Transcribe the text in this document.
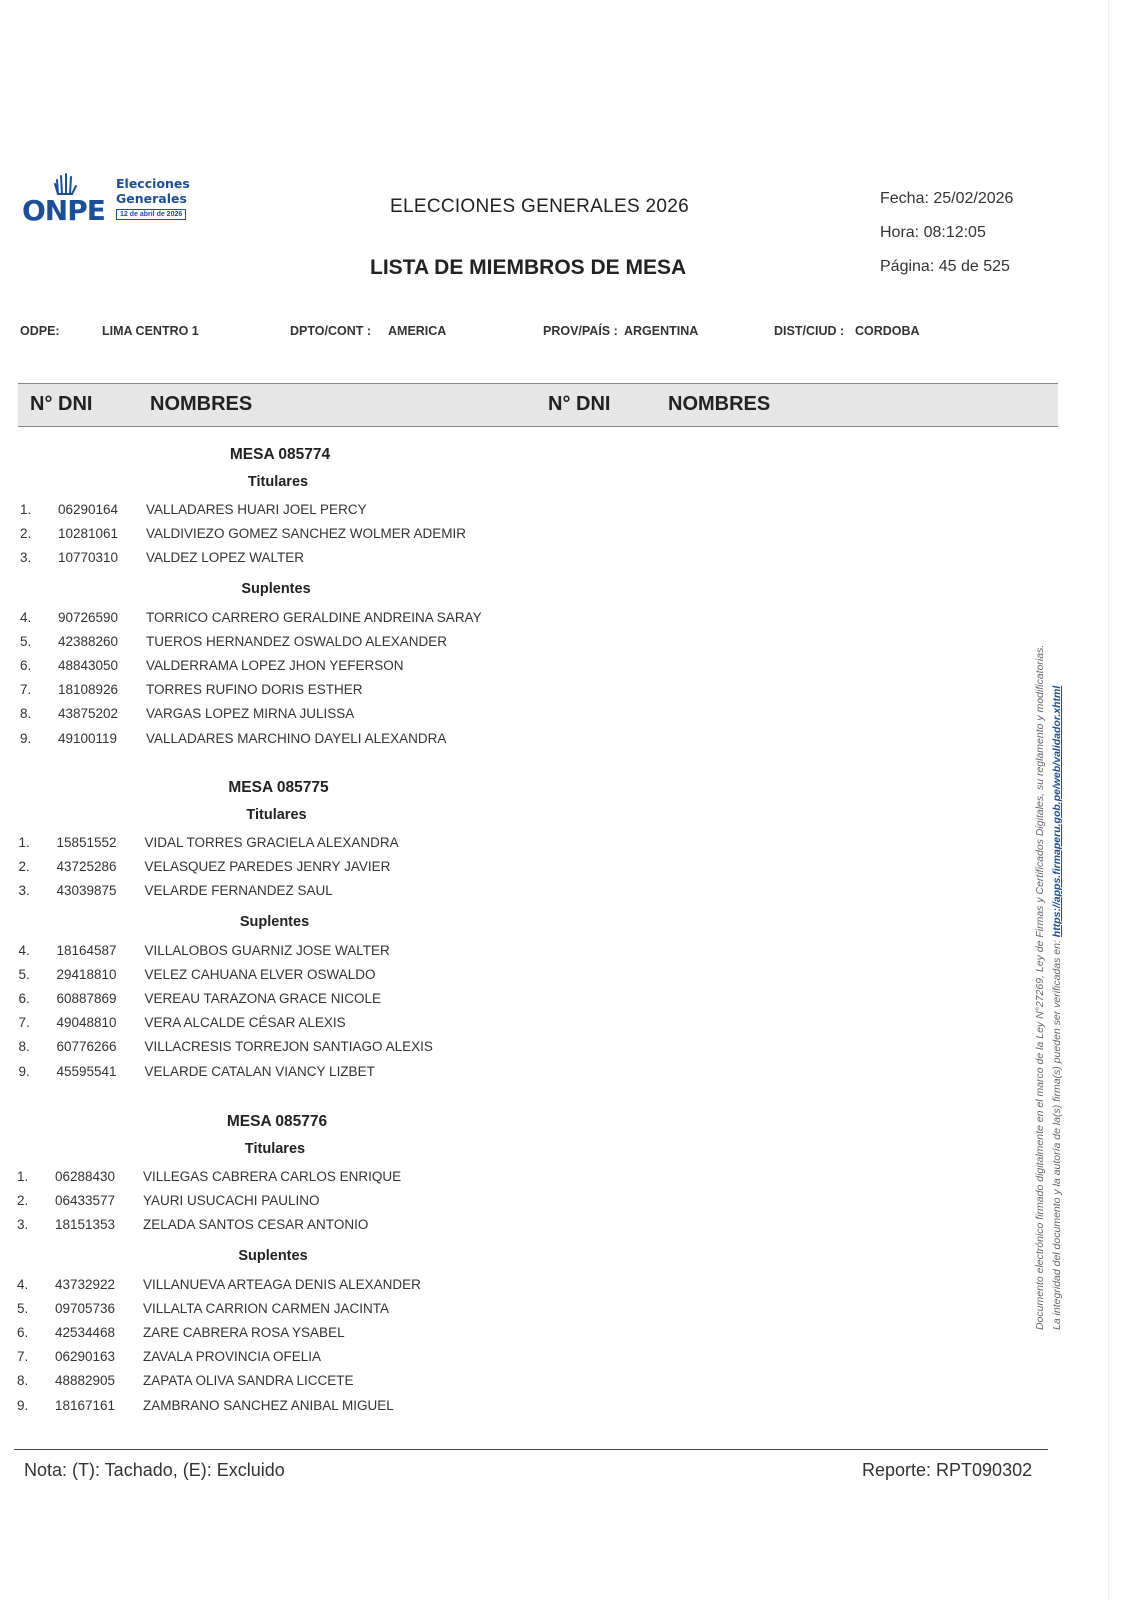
ONPE
Elecciones
Generales
12 de abril de 2026	ELECCIONES GENERALES 2026
LISTA DE MIEMBROS DE MESA
Fecha: 25/02/2026
Hora: 08:12:05
Página: 45 de 525
ODPE:	LIMA CENTRO 1	DPTO/CONT : AMERICA	PROV/PAÍS : ARGENTINA	DIST/CIUD : CORDOBA
N° DNI	NOMBRES	N° DNI	NOMBRES
MESA 085774
Titulares
1.	06290164	VALLADARES HUARI JOEL PERCY
2.	10281061	VALDIVIEZO GOMEZ SANCHEZ WOLMER ADEMIR
3.	10770310	VALDEZ LOPEZ WALTER
Suplentes
4.	90726590	TORRICO CARRERO GERALDINE ANDREINA SARAY
5.	42388260	TUEROS HERNANDEZ OSWALDO ALEXANDER
6.	48843050	VALDERRAMA LOPEZ JHON YEFERSON
7.	18108926	TORRES RUFINO DORIS ESTHER
8.	43875202	VARGAS LOPEZ MIRNA JULISSA
9.	49100119	VALLADARES MARCHINO DAYELI ALEXANDRA
MESA 085775
Titulares
1.	15851552	VIDAL TORRES GRACIELA ALEXANDRA
2.	43725286	VELASQUEZ PAREDES JENRY JAVIER
3.	43039875	VELARDE FERNANDEZ SAUL
Suplentes
4.	18164587	VILLALOBOS GUARNIZ JOSE WALTER
5.	29418810	VELEZ CAHUANA ELVER OSWALDO
6.	60887869	VEREAU TARAZONA GRACE NICOLE
7.	49048810	VERA ALCALDE CÉSAR ALEXIS
8.	60776266	VILLACRESIS TORREJON SANTIAGO ALEXIS
9.	45595541	VELARDE CATALAN VIANCY LIZBET
MESA 085776
Titulares
1.	06288430	VILLEGAS CABRERA CARLOS ENRIQUE
2.	06433577	YAURI USUCACHI PAULINO
3.	18151353	ZELADA SANTOS CESAR ANTONIO
Suplentes
4.	43732922	VILLANUEVA ARTEAGA DENIS ALEXANDER
5.	09705736	VILLALTA CARRION CARMEN JACINTA
6.	42534468	ZARE CABRERA ROSA YSABEL
7.	06290163	ZAVALA PROVINCIA OFELIA
8.	48882905	ZAPATA OLIVA SANDRA LICCETE
9.	18167161	ZAMBRANO SANCHEZ ANIBAL MIGUEL
Nota: (T): Tachado, (E): Excluido	Reporte: RPT090302
Documento electrónico firmado digitalmente en el marco de la Ley N°27269, Ley de Firmas y Certificados Digitales, su reglamento y modificatorias. La integridad del documento y la autoría de la(s) firma(s) pueden ser verificadas en: https://apps.firmaperu.gob.pe/web/validador.xhtml
